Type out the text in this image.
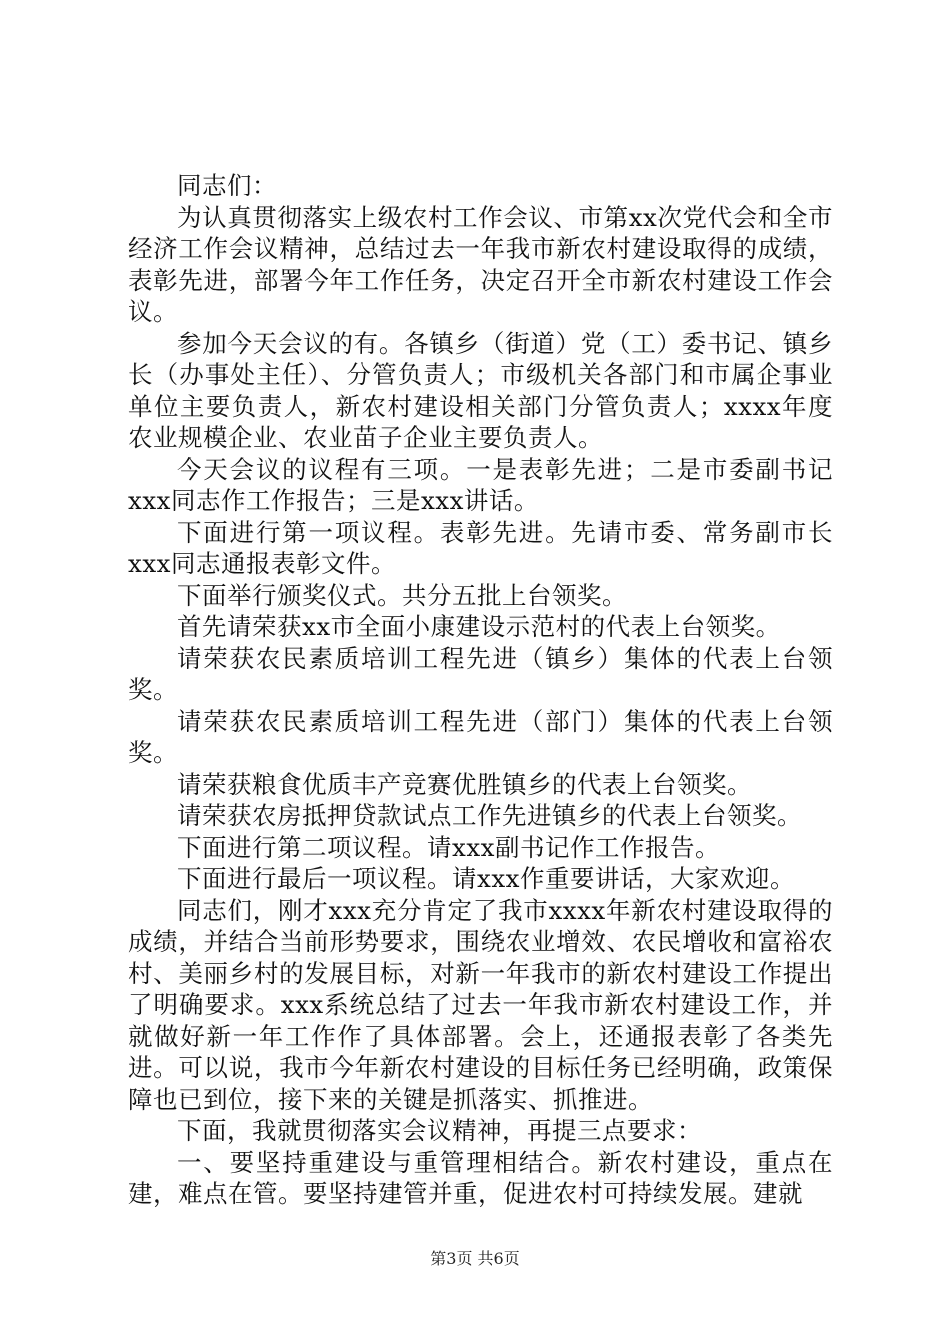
同志们：

为认真贯彻落实上级农村工作会议、市第xx次党代会和全市经济工作会议精神，总结过去一年我市新农村建设取得的成绩，表彰先进，部署今年工作任务，决定召开全市新农村建设工作会议。

参加今天会议的有。各镇乡（街道）党（工）委书记、镇乡长（办事处主任）、分管负责人；市级机关各部门和市属企事业单位主要负责人，新农村建设相关部门分管负责人；xxxx年度农业规模企业、农业苗子企业主要负责人。

今天会议的议程有三项。一是表彰先进；二是市委副书记xxx同志作工作报告；三是xxx讲话。

下面进行第一项议程。表彰先进。先请市委、常务副市长xxx同志通报表彰文件。

下面举行颁奖仪式。共分五批上台领奖。

首先请荣获xx市全面小康建设示范村的代表上台领奖。

请荣获农民素质培训工程先进（镇乡）集体的代表上台领奖。

请荣获农民素质培训工程先进（部门）集体的代表上台领奖。

请荣获粮食优质丰产竞赛优胜镇乡的代表上台领奖。

请荣获农房抵押贷款试点工作先进镇乡的代表上台领奖。

下面进行第二项议程。请xxx副书记作工作报告。

下面进行最后一项议程。请xxx作重要讲话，大家欢迎。

同志们，刚才xxx充分肯定了我市xxxx年新农村建设取得的成绩，并结合当前形势要求，围绕农业增效、农民增收和富裕农村、美丽乡村的发展目标，对新一年我市的新农村建设工作提出了明确要求。xxx系统总结了过去一年我市新农村建设工作，并就做好新一年工作作了具体部署。会上，还通报表彰了各类先进。可以说，我市今年新农村建设的目标任务已经明确，政策保障也已到位，接下来的关键是抓落实、抓推进。

下面，我就贯彻落实会议精神，再提三点要求：

一、要坚持重建设与重管理相结合。新农村建设，重点在建，难点在管。要坚持建管并重，促进农村可持续发展。建就

第3页 共6页
